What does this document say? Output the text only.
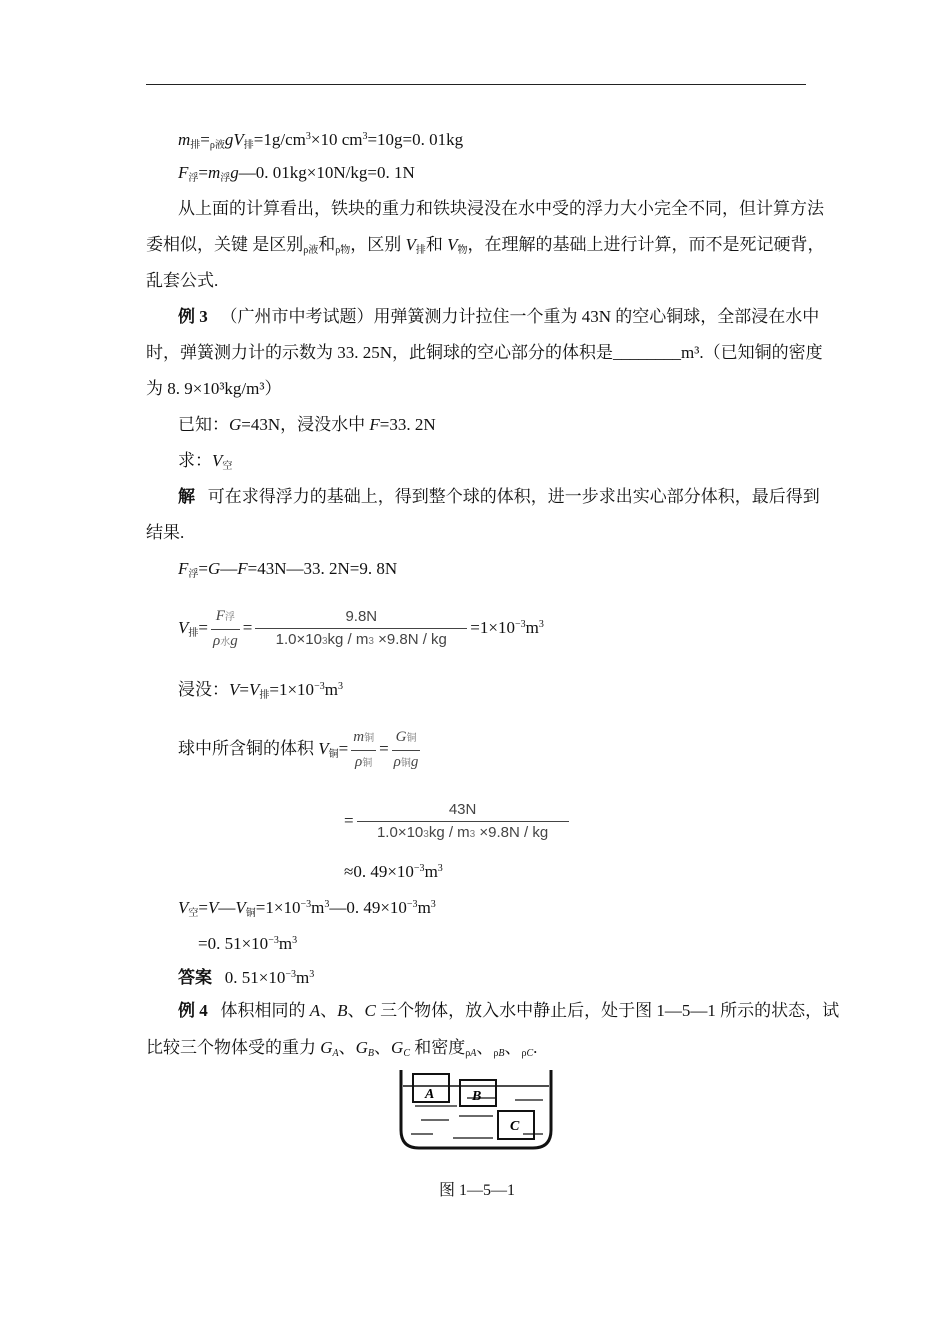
$m_排=_{\rho 液}gV_排=1g/cm^3\times 10$ $cm^3=10g=0$. 01kg
$F_浮=m_浮g—0$. 01kg×10N/kg=0. 1N
从上面的计算看出，铁块的重力和铁块浸没在水中受的浮力大小完全不同，但计算方法
委相似，关键 是区别$_{\rho 液}$和$_{\rho 物}$，区别 $V_排$和 $V_物$，在理解的基础上进行计算，而不是死记硬背，
乱套公式.
例 3 （广州市中考试题）用弹簧测力计拉住一个重为 43N 的空心铜球，全部浸在水中
时，弹簧测力计的示数为 33. 25N，此铜球的空心部分的体积是________m³.（已知铜的密度
为 8. 9×10³kg/m³）
已知：G=43N，浸没水中 F=33. 2N
求：$V_空$
解 可在求得浮力的基础上，得到整个球的体积，进一步求出实心部分体积，最后得到
结果.
$F_浮=G—F=43N—33$. 2N=9. 8N
$V_排= \frac{\text{F浮}}{\text{ρ水g}} = \frac{9.8N}{1.0\times 103kg / m3 \times 9.8N / kg} =1\times 10^{-3}m^3$
浸没：$V=V_排=1\times 10^{-3}m^3$
球中所含铜的体积 $V_铜= \frac{\text{m铜}}{\text{ρ铜}} = \frac{\text{G铜}}{\text{ρ铜g}}$
= $\frac{43N}{1.0\times 103kg / m3 \times 9.8N / kg}$
≈0. $49\times 10^{-3}m^3$
$V_空=V—V_铜=1\times 10^{-3}m^3—0$. $49\times 10^{-3}m^3$
=0. $51\times 10^{-3}m^3$
答案   0. $51\times 10^{-3}m^3$
例 4   体积相同的 A、B、C 三个物体，放入水中静止后，处于图 1—5—1 所示的状态，试
比较三个物体受的重力 $G_A$、$G_B$、$G_C$ 和密度$_{\rho A}$、$_{\rho B}$、$_{\rho C}$.
A	B
C
图 1—5—1
